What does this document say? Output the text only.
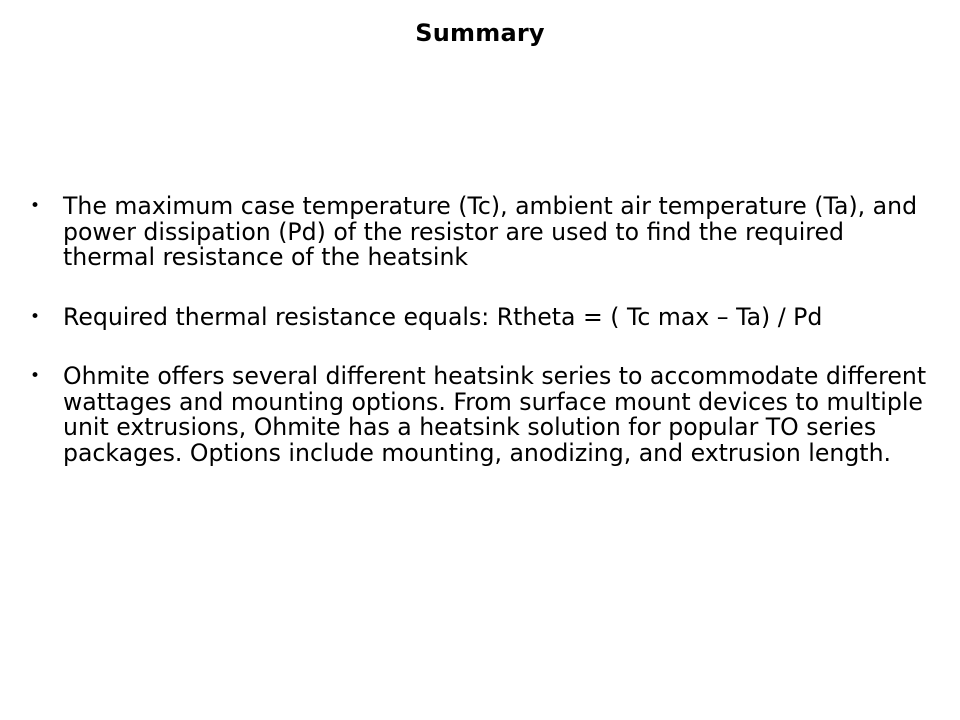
Summary
• The maximum case temperature (Tc), ambient air temperature (Ta), and power dissipation (Pd) of the resistor are used to find the required thermal resistance of the heatsink
• Required thermal resistance equals: Rtheta = ( Tc max – Ta) / Pd
• Ohmite offers several different heatsink series to accommodate different wattages and mounting options. From surface mount devices to multiple unit extrusions, Ohmite has a heatsink solution for popular TO series packages. Options include mounting, anodizing, and extrusion length.
